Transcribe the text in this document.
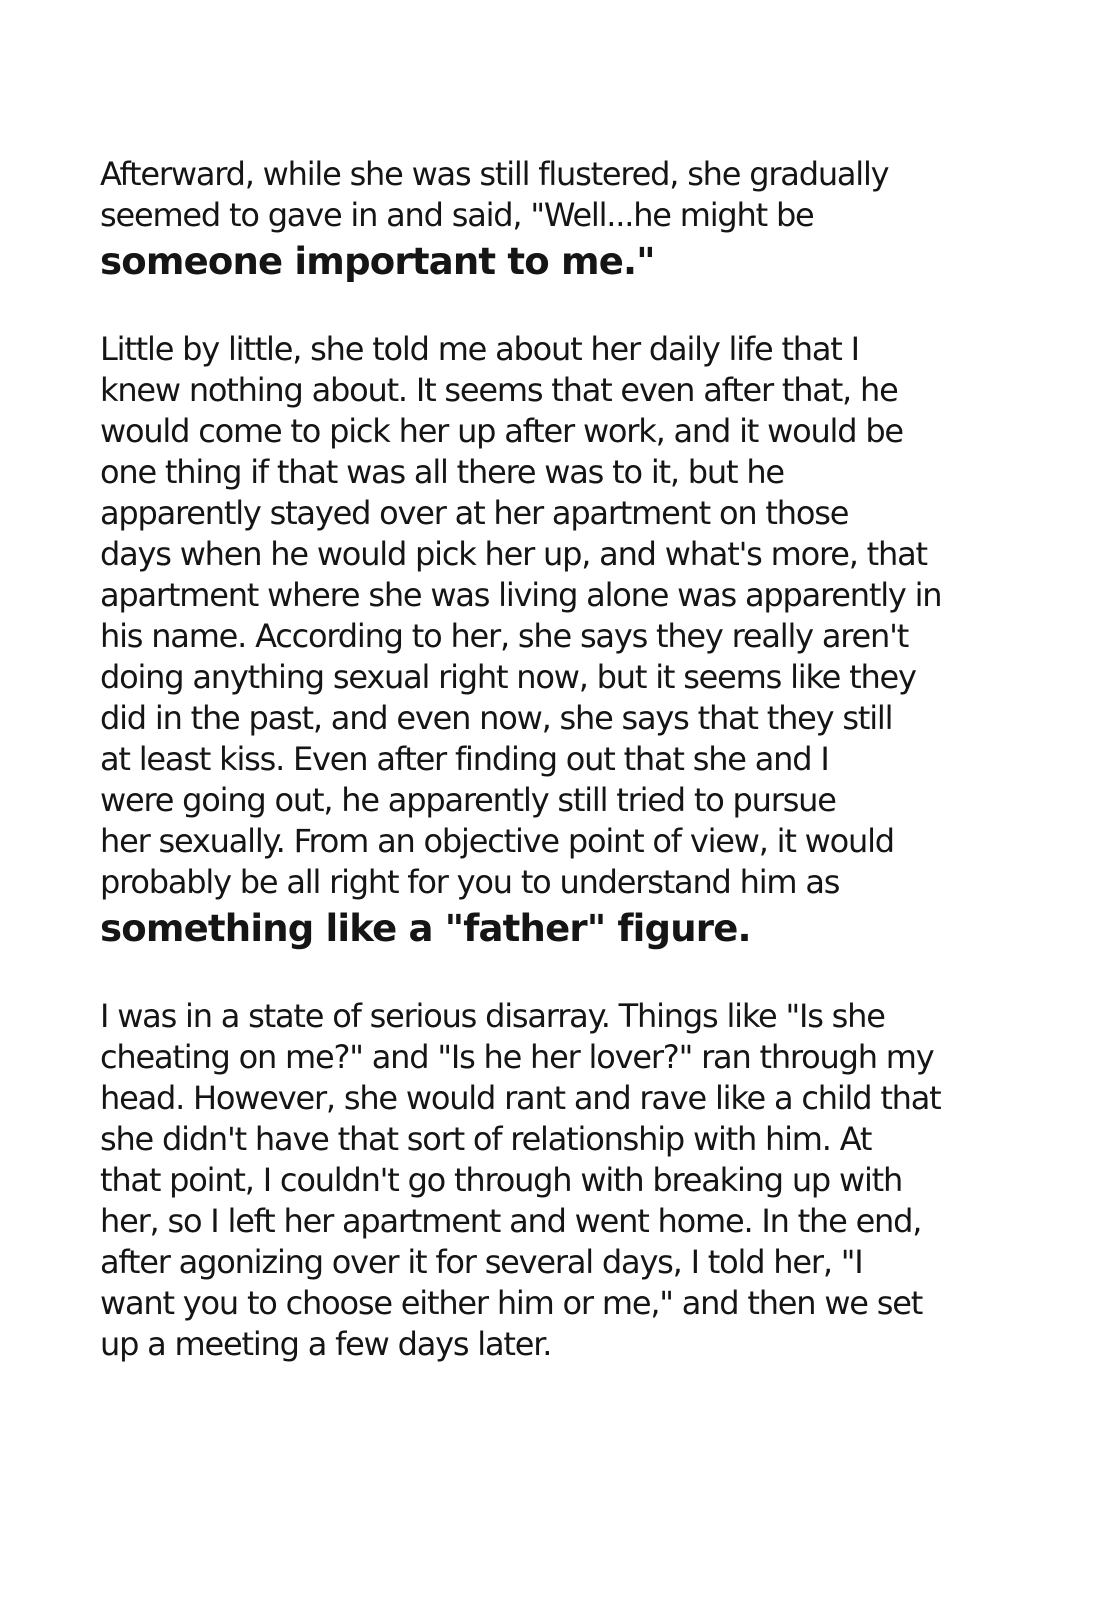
Afterward, while she was still flustered, she gradually
seemed to gave in and said, "Well...he might be
someone important to me."
Little by little, she told me about her daily life that I
knew nothing about. It seems that even after that, he
would come to pick her up after work, and it would be
one thing if that was all there was to it, but he
apparently stayed over at her apartment on those
days when he would pick her up, and what's more, that
apartment where she was living alone was apparently in
his name. According to her, she says they really aren't
doing anything sexual right now, but it seems like they
did in the past, and even now, she says that they still
at least kiss. Even after finding out that she and I
were going out, he apparently still tried to pursue
her sexually. From an objective point of view, it would
probably be all right for you to understand him as
something like a "father" figure.
I was in a state of serious disarray. Things like "Is she
cheating on me?" and "Is he her lover?" ran through my
head. However, she would rant and rave like a child that
she didn't have that sort of relationship with him. At
that point, I couldn't go through with breaking up with
her, so I left her apartment and went home. In the end,
after agonizing over it for several days, I told her, "I
want you to choose either him or me," and then we set
up a meeting a few days later.
